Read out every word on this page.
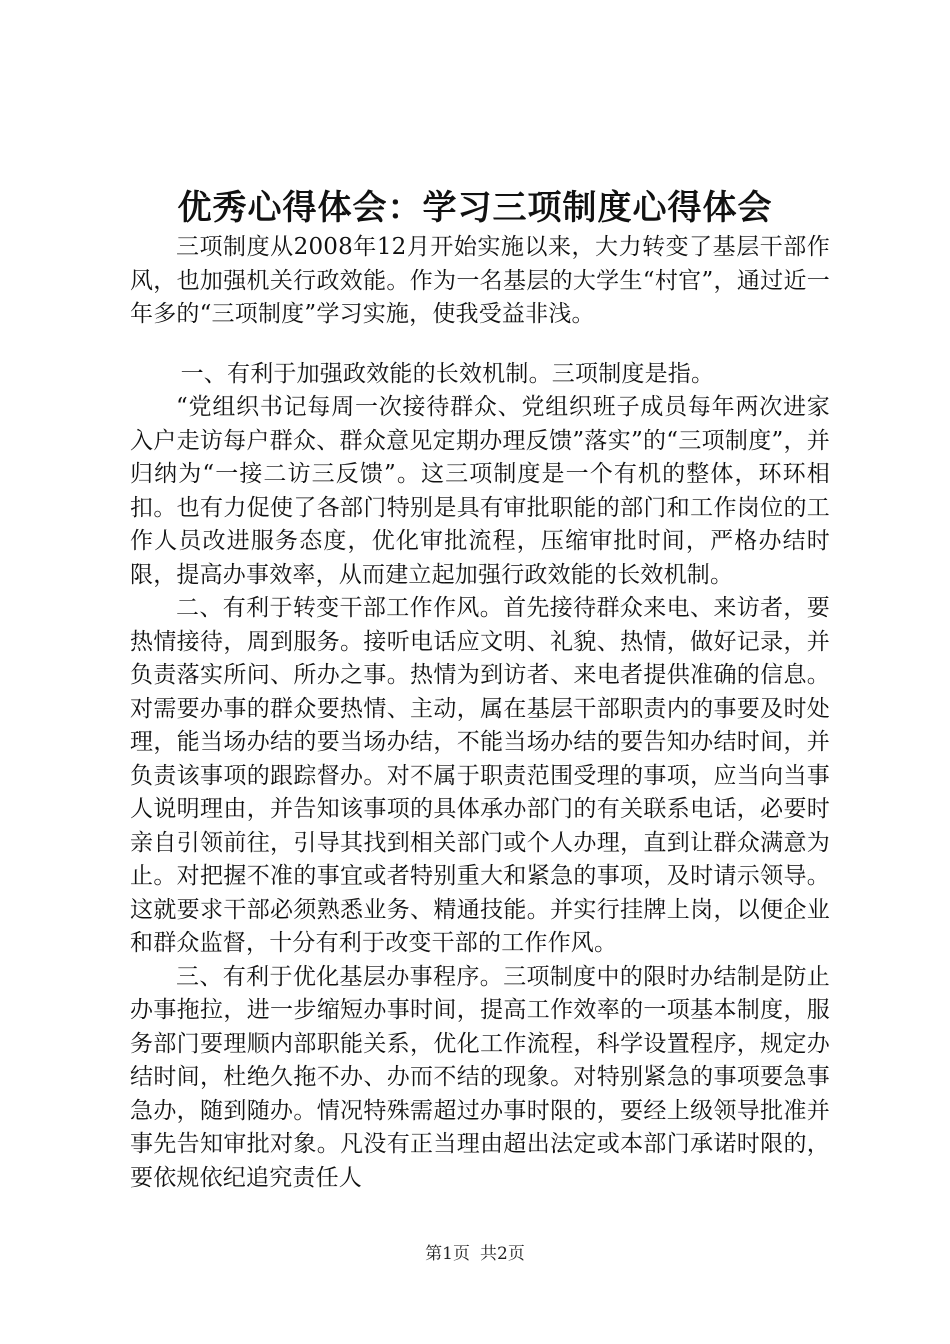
优秀心得体会：学习三项制度心得体会

三项制度从2008年12月开始实施以来，大力转变了基层干部作风，也加强机关行政效能。作为一名基层的大学生“村官”，通过近一年多的“三项制度”学习实施，使我受益非浅。

一、有利于加强政效能的长效机制。三项制度是指。

“党组织书记每周一次接待群众、党组织班子成员每年两次进家入户走访每户群众、群众意见定期办理反馈”落实”的“三项制度”，并归纳为“一接二访三反馈”。这三项制度是一个有机的整体，环环相扣。也有力促使了各部门特别是具有审批职能的部门和工作岗位的工作人员改进服务态度，优化审批流程，压缩审批时间，严格办结时限，提高办事效率，从而建立起加强行政效能的长效机制。

二、有利于转变干部工作作风。首先接待群众来电、来访者，要热情接待，周到服务。接听电话应文明、礼貌、热情，做好记录，并负责落实所问、所办之事。热情为到访者、来电者提供准确的信息。对需要办事的群众要热情、主动，属在基层干部职责内的事要及时处理，能当场办结的要当场办结，不能当场办结的要告知办结时间，并负责该事项的跟踪督办。对不属于职责范围受理的事项，应当向当事人说明理由，并告知该事项的具体承办部门的有关联系电话，必要时亲自引领前往，引导其找到相关部门或个人办理，直到让群众满意为止。对把握不准的事宜或者特别重大和紧急的事项，及时请示领导。这就要求干部必须熟悉业务、精通技能。并实行挂牌上岗，以便企业和群众监督，十分有利于改变干部的工作作风。

三、有利于优化基层办事程序。三项制度中的限时办结制是防止办事拖拉，进一步缩短办事时间，提高工作效率的一项基本制度，服务部门要理顺内部职能关系，优化工作流程，科学设置程序，规定办结时间，杜绝久拖不办、办而不结的现象。对特别紧急的事项要急事急办，随到随办。情况特殊需超过办事时限的，要经上级领导批准并事先告知审批对象。凡没有正当理由超出法定或本部门承诺时限的，要依规依纪追究责任人

第1页 共2页
